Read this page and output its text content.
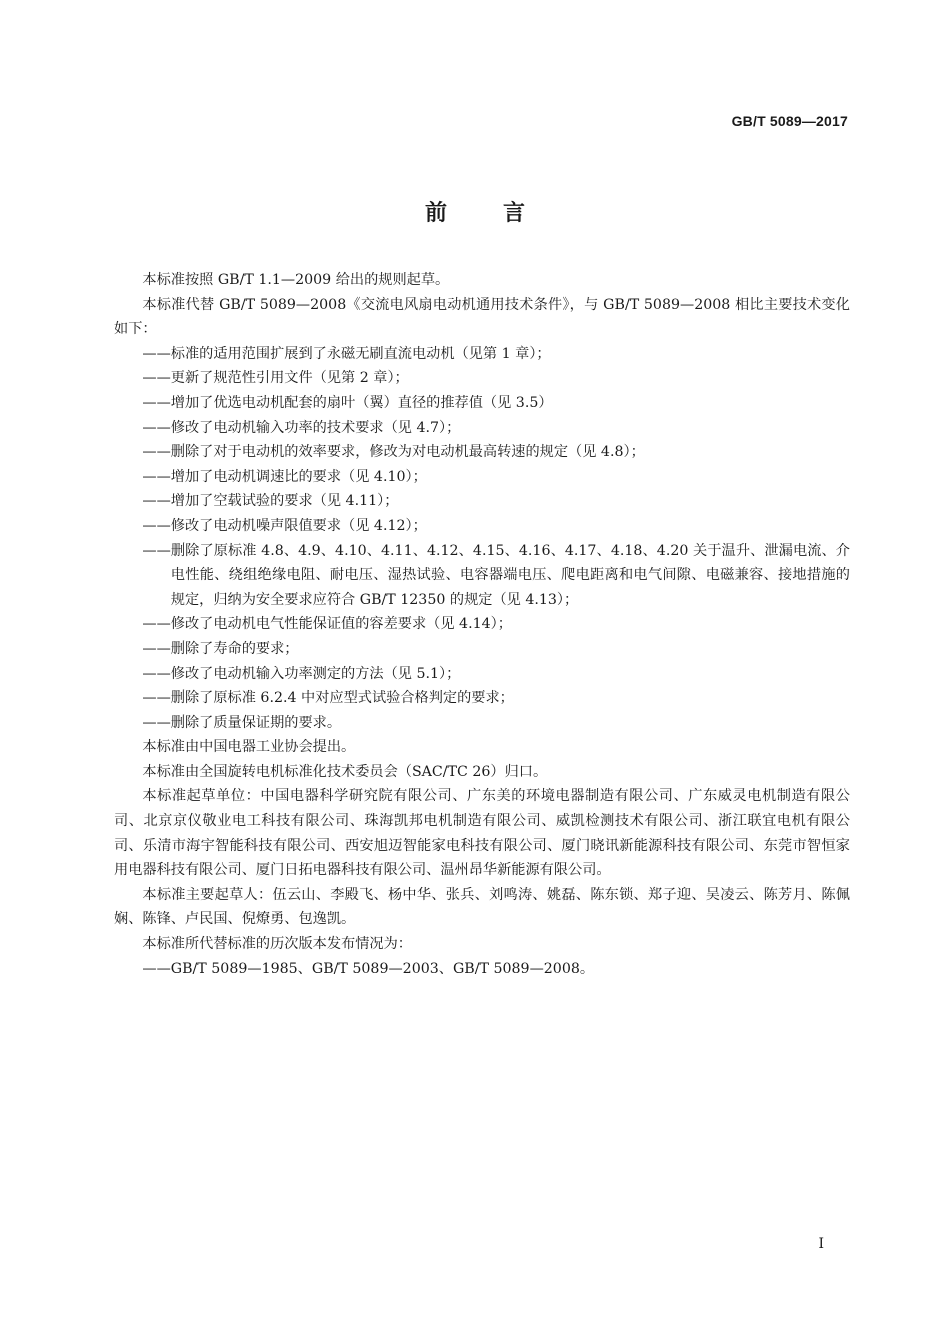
GB/T 5089—2017
前	言

本标准按照 GB/T 1.1—2009 给出的规则起草。

本标准代替 GB/T 5089—2008《交流电风扇电动机通用技术条件》，与 GB/T 5089—2008 相比主要技术变化如下：

——标准的适用范围扩展到了永磁无刷直流电动机（见第 1 章）；

——更新了规范性引用文件（见第 2 章）；

——增加了优选电动机配套的扇叶（翼）直径的推荐值（见 3.5）

——修改了电动机输入功率的技术要求（见 4.7）；

——删除了对于电动机的效率要求，修改为对电动机最高转速的规定（见 4.8）；

——增加了电动机调速比的要求（见 4.10）；

——增加了空载试验的要求（见 4.11）；

——修改了电动机噪声限值要求（见 4.12）；

——删除了原标准 4.8、4.9、4.10、4.11、4.12、4.15、4.16、4.17、4.18、4.20 关于温升、泄漏电流、介电性能、绕组绝缘电阻、耐电压、湿热试验、电容器端电压、爬电距离和电气间隙、电磁兼容、接地措施的规定，归纳为安全要求应符合 GB/T 12350 的规定（见 4.13）；

——修改了电动机电气性能保证值的容差要求（见 4.14）；

——删除了寿命的要求；

——修改了电动机输入功率测定的方法（见 5.1）；

——删除了原标准 6.2.4 中对应型式试验合格判定的要求；

——删除了质量保证期的要求。

本标准由中国电器工业协会提出。

本标准由全国旋转电机标准化技术委员会（SAC/TC 26）归口。

本标准起草单位：中国电器科学研究院有限公司、广东美的环境电器制造有限公司、广东威灵电机制造有限公司、北京京仪敬业电工科技有限公司、珠海凯邦电机制造有限公司、威凯检测技术有限公司、浙江联宜电机有限公司、乐清市海宇智能科技有限公司、西安旭迈智能家电科技有限公司、厦门晓讯新能源科技有限公司、东莞市智恒家用电器科技有限公司、厦门日拓电器科技有限公司、温州昂华新能源有限公司。

本标准主要起草人：伍云山、李殿飞、杨中华、张兵、刘鸣涛、姚磊、陈东锁、郑子迎、吴凌云、陈芳月、陈佩娴、陈锋、卢民国、倪燎勇、包逸凯。

本标准所代替标准的历次版本发布情况为：

——GB/T 5089—1985、GB/T 5089—2003、GB/T 5089—2008。

I
